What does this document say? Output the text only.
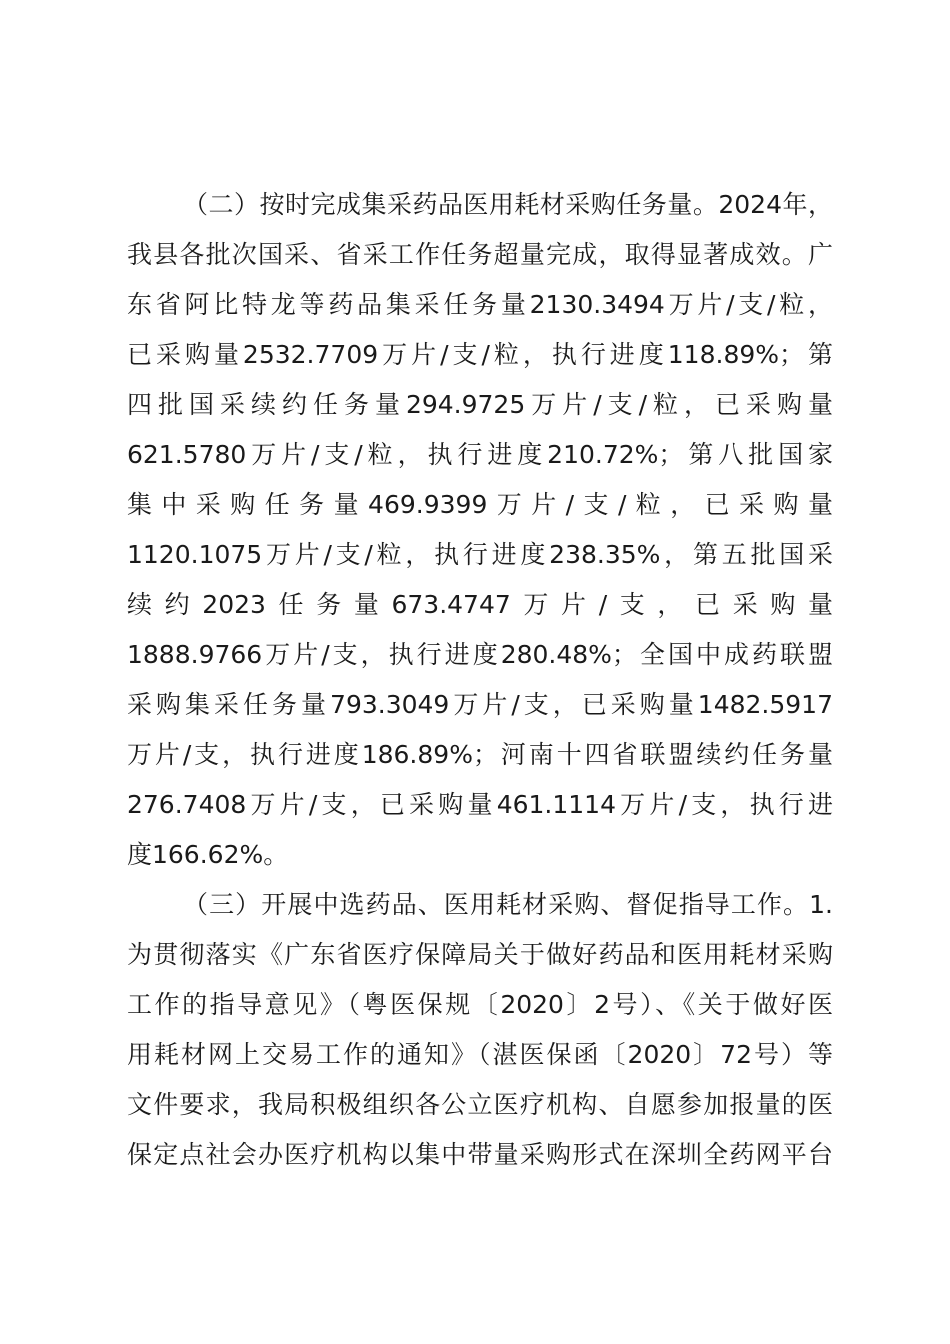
（二）按时完成集采药品医用耗材采购任务量。2024年，
我县各批次国采、省采工作任务超量完成，取得显著成效。广
东省阿比特龙等药品集采任务量2130.3494万片/支/粒，
已采购量2532.7709万片/支/粒，执行进度118.89%；第
四批国采续约任务量294.9725万片/支/粒，已采购量
621.5780万片/支/粒，执行进度210.72%；第八批国家
集中采购任务量469.9399万片/支/粒，已采购量
1120.1075万片/支/粒，执行进度238.35%，第五批国采
续约2023任务量673.4747万片/支，已采购量
1888.9766万片/支，执行进度280.48%；全国中成药联盟
采购集采任务量793.3049万片/支，已采购量1482.5917
万片/支，执行进度186.89%；河南十四省联盟续约任务量
276.7408万片/支，已采购量461.1114万片/支，执行进
度166.62%。
（三）开展中选药品、医用耗材采购、督促指导工作。1.
为贯彻落实《广东省医疗保障局关于做好药品和医用耗材采购
工作的指导意见》（粤医保规〔2020〕2号）、《关于做好医
用耗材网上交易工作的通知》（湛医保函〔2020〕72号）等
文件要求，我局积极组织各公立医疗机构、自愿参加报量的医
保定点社会办医疗机构以集中带量采购形式在深圳全药网平台
